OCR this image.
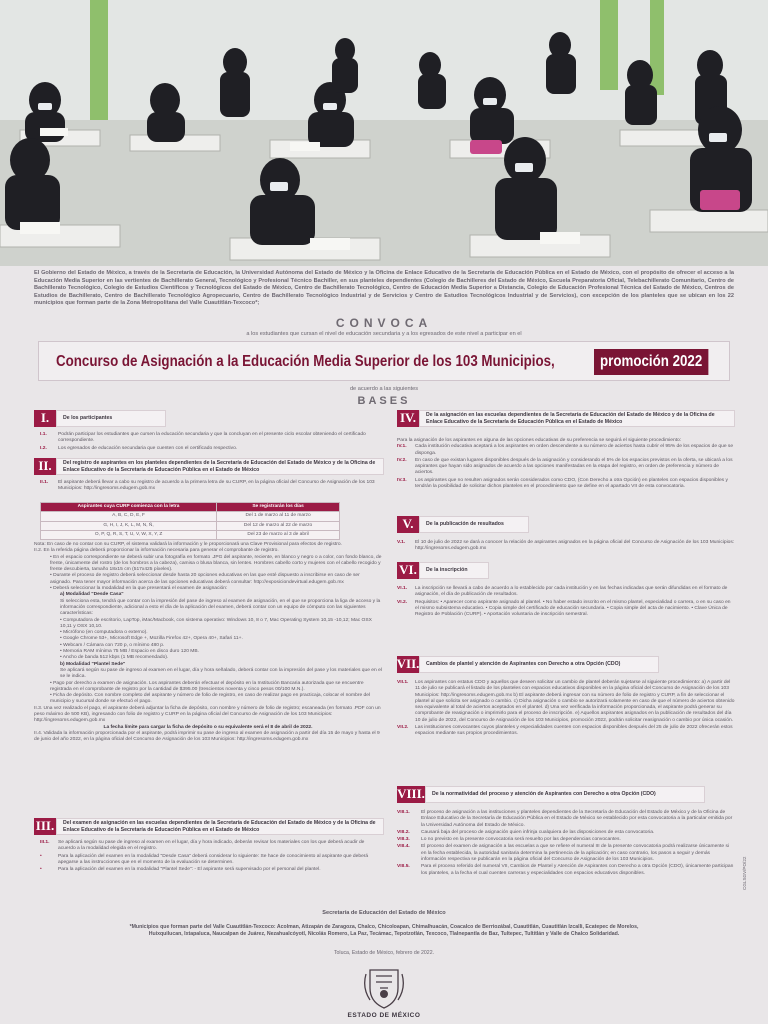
El Gobierno del Estado de México, a través de la Secretaría de Educación, la Universidad Autónoma del Estado de México y la Oficina de Enlace Educativo de la Secretaría de Educación Pública en el Estado de México, con el propósito de ofrecer el acceso a la Educación Media Superior en las vertientes de Bachillerato General, Tecnológico y Profesional Técnico Bachiller, en sus planteles dependientes (Colegio de Bachilleres del Estado de México, Escuela Preparatoria Oficial, Telebachillerato Comunitario, Centro de Bachillerato Tecnológico, Colegio de Estudios Científicos y Tecnológicos del Estado de México, Centro de Bachillerato Tecnológico, Centro de Educación Media Superior a Distancia, Colegio de Educación Profesional Técnica del Estado de México, Centros de Estudios de Bachillerato, Centro de Bachillerato Tecnológico Agropecuario, Centro de Bachillerato Tecnológico Industrial y de Servicios y Centro de Estudios Tecnológicos Industrial y de Servicios), con excepción de los planteles que se ubican en los 22 municipios que forman parte de la Zona Metropolitana del Valle Cuautitlán-Texcoco*;

CONVOCA
a los estudiantes que cursan el nivel de educación secundaria y a los egresados de este nivel a participar en el
Concurso de Asignación a la Educación Media Superior de los 103 Municipios,	promoción 2022
de acuerdo a las siguientes
BASES
I.	De los participantes
I.1.	Podrán participar los estudiantes que cursen la educación secundaria y que la concluyan en el presente ciclo escolar obteniendo el certificado correspondiente.
I.2.	Los egresados de educación secundaria que cuenten con el certificado respectivo.
II.	Del registro de aspirantes en los planteles dependientes de la Secretaría de Educación del Estado de México y de la Oficina de Enlace Educativo de la Secretaría de Educación Pública en el Estado de México
II.1.	El aspirante deberá llevar a cabo su registro de acuerdo a la primera letra de su CURP, en la página oficial del Concurso de Asignación de los 103 Municipios: http://ingresoms.edugem.gob.mx
Aspirantes cuya CURP comienza con la letra	Se registrarán los días
A, B, C, D, E, F	Del 1 de marzo al 11 de marzo
G, H, I, J, K, L, M, N, Ñ,	Del 12 de marzo al 22 de marzo
O, P, Q, R, S, T, U, V, W, X, Y, Z	Del 23 de marzo al 3 de abril
Nota: En caso de no contar con su CURP, el sistema validará la información y le proporcionará una Clave Provisional para efectos de registro.
II.2. En la referida página deberá proporcionar la información necesaria para generar el comprobante de registro.
• En el espacio correspondiente se deberá subir una fotografía en formato .JPG del aspirante, reciente, en blanco y negro o a color, con fondo blanco, de frente, únicamente del rostro (de los hombros a la cabeza), camisa o blusa blanca, sin lentes. Hombres cabello corto y mujeres con el cabello recogido y frente descubierta, tamaño 18x15 cm (517x425 píxeles).
• Durante el proceso de registro deberá seleccionar desde hasta 20 opciones educativas en las que esté dispuesto a inscribirse en caso de ser asignado. Para tener mayor información acerca de las opciones educativas deberá consultar: http://exposiciondevirtual.edugem.gob.mx
• Deberá seleccionar la modalidad en la que presentará el examen de asignación:
a) Modalidad "Desde Casa"
Si selecciona esta, tendrá que contar con la impresión del pase de ingreso al examen de asignación, en el que se proporciona la liga de acceso y la información correspondiente, adicional a esto el día de la aplicación del examen, deberá contar con un equipo de cómputo con las siguientes características:
• Computadora de escritorio, LapTop, iMac/Macbook, con sistema operativo: Windows 10, 8 o 7, Mac Operating System 10,15 -10,12; Mac OSX 10,11 y OSX 10,10.
• Micrófono (en computadora o externo).
• Google Chrome 53+, Microsoft Edge +, Mozilla Firefox 42+, Opera 40+, Safari 11+.
• Webcam / Cámara con 720 p, o mínimo 480 p.
• Memoria RAM mínima 75 MB / Espacio en disco duro 120 MB.
• Ancho de banda 512 kbps (1 MB recomendado).
b) Modalidad "Plantel Sede"
Se aplicará según su pase de ingreso al examen en el lugar, día y hora señalado, deberá contar con la impresión del pase y los materiales que en el se le indica.
• Pago por derecho a examen de asignación. Los aspirantes deberán efectuar el depósito en la Institución Bancaria autorizada que se encuentre registrada en el comprobante de registro por la cantidad de $395.00 (trescientos noventa y cinco pesos 00/100 M.N.).
• Ficha de depósito. Con nombre completo del aspirante y número de folio de registro, en caso de realizar pago en practicaja, colocar el nombre del municipio y sucursal donde se efectuó el pago.
II.3. Una vez realizado el pago, el aspirante deberá adjuntar la ficha de depósito, con nombre y número de folio de registro; escaneada (en formato .PDF con un peso máximo de 500 KB), ingresando con folio de registro y CURP en la página oficial del Concurso de Asignación de los 103 Municipios: http://ingresoms.edugem.gob.mx
La fecha límite para cargar la ficha de depósito o su equivalente será el 8 de abril de 2022.
II.4. Validada la información proporcionada por el aspirante, podrá imprimir su pase de ingreso al examen de asignación a partir del día 15 de mayo y hasta el 9 de junio del año 2022, en la página oficial del Concurso de Asignación de los 103 Municipios: http://ingresoms.edugem.gob.mx
III.	Del examen de asignación en las escuelas dependientes de la Secretaría de Educación del Estado de México y de la Oficina de Enlace Educativo de la Secretaría de Educación Pública en el Estado de México
III.1.	Se aplicará según su pase de ingreso al examen en el lugar, día y hora indicado, deberán revisar los materiales con los que deberá acudir de acuerdo a la modalidad elegida en el registro.
•	Para la aplicación del examen en la modalidad "Desde Casa" deberá considerar lo siguiente: Se hace de conocimiento al aspirante que deberá apegarse a las instrucciones que en el momento de la evaluación se determinen.
•	Para la aplicación del examen en la modalidad "Plantel Sede": - El aspirante será supervisado por el personal del plantel.
IV.	De la asignación en las escuelas dependientes de la Secretaría de Educación del Estado de México y de la Oficina de Enlace Educativo de la Secretaría de Educación Pública en el Estado de México
Para la asignación de los aspirantes en alguna de las opciones educativas de su preferencia se seguirá el siguiente procedimiento:
IV.1.	Cada institución educativa aceptará a los aspirantes en orden descendente a su número de aciertos hasta cubrir el 95% de los espacios de que se disponga.
IV.2.	En caso de que existan lugares disponibles después de la asignación y considerando el 5% de los espacios previstos en la oferta, se ubicará a los aspirantes que hayan sido asignados de acuerdo a las opciones manifestadas en la etapa del registro, en orden de preferencia y número de aciertos.
IV.3.	Los aspirantes que no resulten asignados serán considerados como CDO, (Con Derecho a otra Opción) en planteles con espacios disponibles y tendrán la posibilidad de solicitar dichos planteles en el procedimiento que se define en el apartado VII de esta convocatoria.
V.	De la publicación de resultados
V.1.	El 10 de julio de 2022 se dará a conocer la relación de aspirantes asignados en la página oficial del Concurso de Asignación de los 103 Municipios: http://ingresoms.edugem.gob.mx
VI.	De la inscripción
VI.1.	La inscripción se llevará a cabo de acuerdo a lo establecido por cada institución y en las fechas indicadas que serán difundidas en el formato de asignación, el día de publicación de resultados.
VI.2.	Requisitos: • Aparecer como aspirante asignado al plantel. • No haber estado inscrito en el mismo plantel, especialidad o carrera, o en su caso en el mismo subsistema educativo. • Copia simple del certificado de educación secundaria. • Copia simple del acta de nacimiento. • Clave Única de Registro de Población (CURP). • Aportación voluntaria de inscripción semestral.
VII.	Cambios de plantel y atención de Aspirantes con Derecho a otra Opción (CDO)
VII.1.	Los aspirantes con estatus CDO y aquellos que deseen solicitar un cambio de plantel deberán sujetarse al siguiente procedimiento: a) A partir del 11 de julio se publicará el listado de los planteles con espacios educativos disponibles en la página oficial del Concurso de Asignación de los 103 Municipios: http://ingresoms.edugem.gob.mx b) El aspirante deberá ingresar con su número de folio de registro y CURP, a fin de seleccionar el plantel al que solicita ser asignado o cambio. c) Dicha asignación o cambio se autorizará solamente en caso de que el número de aciertos obtenido sea equivalente al total de aciertos aceptados en el plantel. d) Una vez verificada la información proporcionada, el aspirante podrá generar su comprobante de reasignación o imprimirlo para el proceso de inscripción. e) Aquellos aspirantes asignados en la publicación de resultados del día 10 de julio de 2022, del Concurso de Asignación de los 103 Municipios, promoción 2022, podrán solicitar reasignación o cambio por única ocasión.
VII.2.	Las instituciones convocantes cuyos planteles y especialidades cuenten con espacios disponibles después del 25 de julio de 2022 ofrecerán estos espacios mediante sus propios procedimientos.
VIII.	De la normatividad del proceso y atención de Aspirantes con Derecho a otra Opción (CDO)
VIII.1.	El proceso de asignación a las instituciones y planteles dependientes de la Secretaría de Educación del Estado de México y de la Oficina de Enlace Educativo de la Secretaría de Educación Pública en el Estado de México se establecido por esta convocatoria a la particular emitida por la Universidad Autónoma del Estado de México.
VIII.2.	Causará baja del proceso de asignación quien infrinja cualquiera de las disposiciones de esta convocatoria.
VIII.3.	Lo no previsto en la presente convocatoria será resuelto por las dependencias convocantes.
VIII.4.	El proceso del examen de asignación a las escuelas a que se refiere el numeral III de la presente convocatoria podrá realizarse únicamente si en la fecha establecida, la autoridad sanitaria determina la pertinencia de la aplicación; en caso contrario, los pasos a seguir y demás información respectiva se publicarán en la página oficial del Concurso de Asignación de los 103 Municipios.
VIII.5.	Para el proceso referido del numeral VII, Cambios de Plantel y Atención de Aspirantes con Derecho a otra Opción (CDO), únicamente participan los planteles, a la fecha el cual cuenten carreras y especialidades con espacios educativos disponibles.	CGLSGV/PO/22
Secretaría de Educación del Estado de México
*Municipios que forman parte del Valle Cuautitlán-Texcoco: Acolman, Atizapán de Zaragoza, Chalco, Chicoloapan, Chimalhuacán, Coacalco de Berriozábal, Cuautitlán, Cuautitlán Izcalli, Ecatepec de Morelos, Huixquilucan, Ixtapaluca, Naucalpan de Juárez, Nezahualcóyotl, Nicolás Romero, La Paz, Tecámac, Tepotzotlán, Texcoco, Tlalnepantla de Baz, Tultepec, Tultitlán y Valle de Chalco Solidaridad.
Toluca, Estado de México, febrero de 2022.
ESTADO DE MÉXICO
